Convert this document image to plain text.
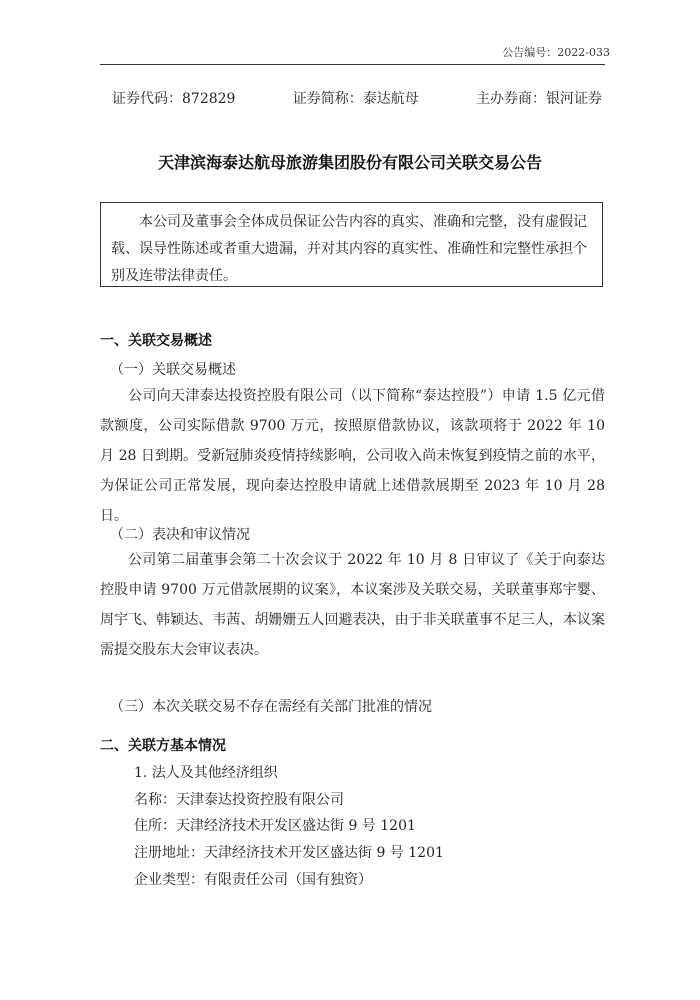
公告编号：2022-033
证券代码：872829	证券简称：泰达航母	主办券商：银河证券
天津滨海泰达航母旅游集团股份有限公司关联交易公告
本公司及董事会全体成员保证公告内容的真实、准确和完整，没有虚假记载、误导性陈述或者重大遗漏，并对其内容的真实性、准确性和完整性承担个别及连带法律责任。
一、关联交易概述
（一）关联交易概述
公司向天津泰达投资控股有限公司（以下简称“泰达控股”）申请 1.5 亿元借款额度，公司实际借款 9700 万元，按照原借款协议，该款项将于 2022 年 10 月 28 日到期。受新冠肺炎疫情持续影响，公司收入尚未恢复到疫情之前的水平，为保证公司正常发展，现向泰达控股申请就上述借款展期至 2023 年 10 月 28 日。
（二）表决和审议情况
公司第二届董事会第二十次会议于 2022 年 10 月 8 日审议了《关于向泰达控股申请 9700 万元借款展期的议案》，本议案涉及关联交易，关联董事郑宇婴、周宇飞、韩颖达、韦茜、胡姗姗五人回避表决，由于非关联董事不足三人，本议案需提交股东大会审议表决。
（三）本次关联交易不存在需经有关部门批准的情况
二、关联方基本情况
1. 法人及其他经济组织
名称：天津泰达投资控股有限公司
住所：天津经济技术开发区盛达街 9 号 1201
注册地址：天津经济技术开发区盛达街 9 号 1201
企业类型：有限责任公司（国有独资）
